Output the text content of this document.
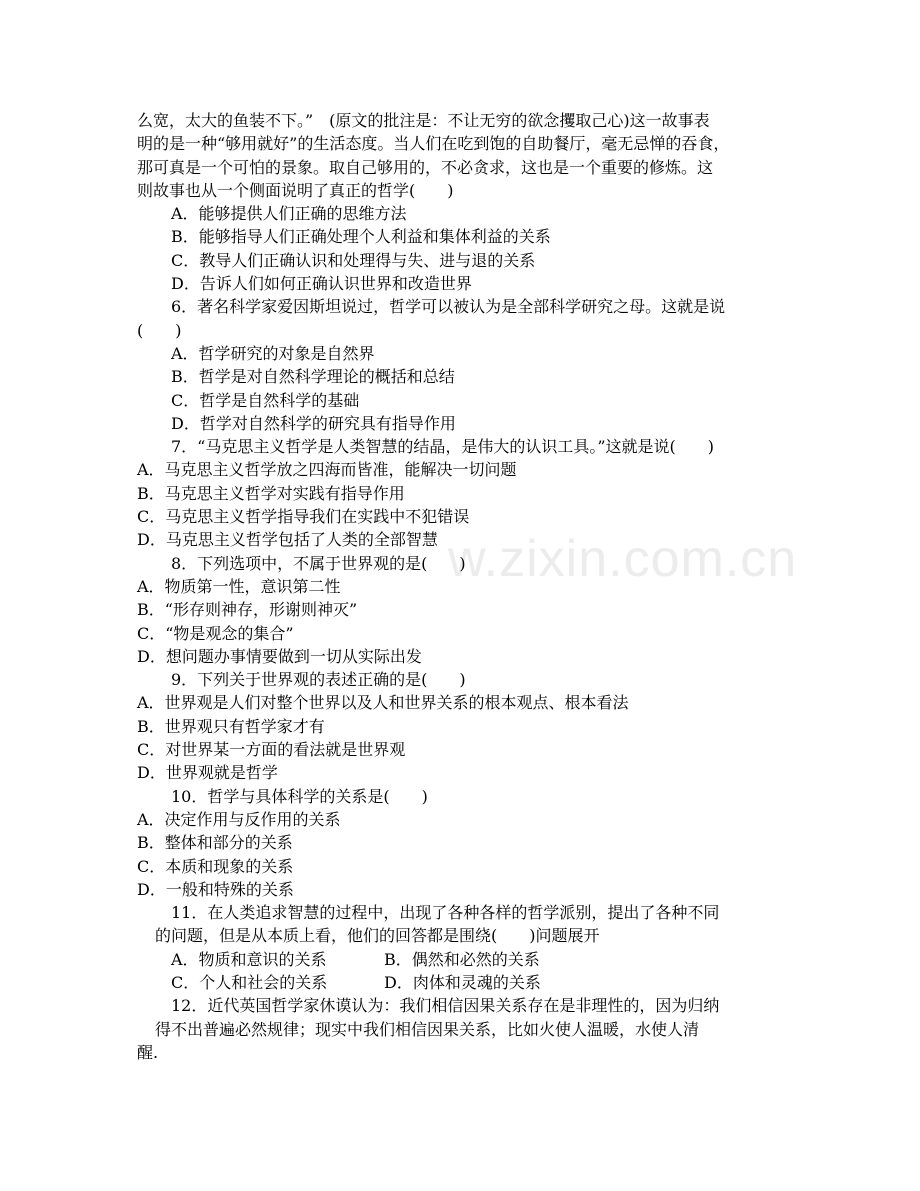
w.zixin.com.cn

么宽，太大的鱼装不下。”　(原文的批注是：不让无穷的欲念攫取己心)这一故事表

明的是一种“够用就好”的生活态度。当人们在吃到饱的自助餐厅，毫无忌惮的吞食，

那可真是一个可怕的景象。取自己够用的，不必贪求，这也是一个重要的修炼。这

则故事也从一个侧面说明了真正的哲学(　　)

A．能够提供人们正确的思维方法

B．能够指导人们正确处理个人利益和集体利益的关系

C．教导人们正确认识和处理得与失、进与退的关系

D．告诉人们如何正确认识世界和改造世界

6．著名科学家爱因斯坦说过，哲学可以被认为是全部科学研究之母。这就是说

(　　)

A．哲学研究的对象是自然界

B．哲学是对自然科学理论的概括和总结

C．哲学是自然科学的基础

D．哲学对自然科学的研究具有指导作用

7．“马克思主义哲学是人类智慧的结晶，是伟大的认识工具。”这就是说(　　)

A．马克思主义哲学放之四海而皆准，能解决一切问题

B．马克思主义哲学对实践有指导作用

C．马克思主义哲学指导我们在实践中不犯错误

D．马克思主义哲学包括了人类的全部智慧

8．下列选项中，不属于世界观的是(　　)

A．物质第一性，意识第二性

B．“形存则神存，形谢则神灭”

C．“物是观念的集合”

D．想问题办事情要做到一切从实际出发

9．下列关于世界观的表述正确的是(　　)

A．世界观是人们对整个世界以及人和世界关系的根本观点、根本看法

B．世界观只有哲学家才有

C．对世界某一方面的看法就是世界观

D．世界观就是哲学

10．哲学与具体科学的关系是(　　)

A．决定作用与反作用的关系

B．整体和部分的关系

C．本质和现象的关系

D．一般和特殊的关系

11．在人类追求智慧的过程中，出现了各种各样的哲学派别，提出了各种不同

的问题，但是从本质上看，他们的回答都是围绕(　　)问题展开

A．物质和意识的关系	B．偶然和必然的关系

C．个人和社会的关系	D．肉体和灵魂的关系

12．近代英国哲学家休谟认为：我们相信因果关系存在是非理性的，因为归纳

得不出普遍必然规律；现实中我们相信因果关系，比如火使人温暖，水使人清

醒.
